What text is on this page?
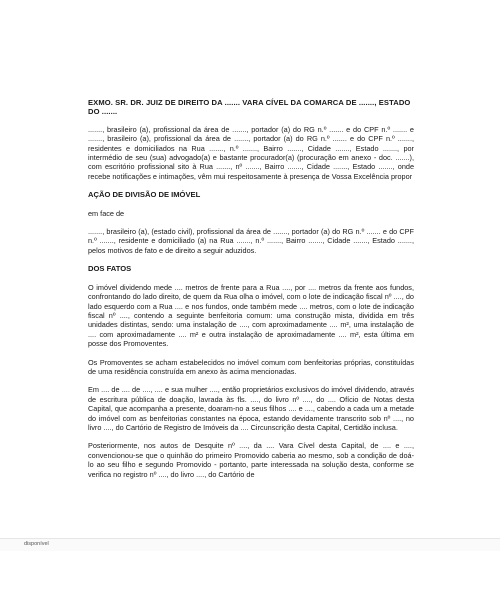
EXMO. SR. DR. JUIZ DE DIREITO DA ....... VARA CÍVEL DA COMARCA DE ......., ESTADO DO .......
......., brasileiro (a), profissional da área de ......., portador (a) do RG n.º ....... e do CPF n.º ....... e ......., brasileiro (a), profissional da área de ......., portador (a) do RG n.º ....... e do CPF n.º ......., residentes e domiciliados na Rua ......., n.º ......., Bairro ......., Cidade ......., Estado ......., por intermédio de seu (sua) advogado(a) e bastante procurador(a) (procuração em anexo - doc. .......), com escritório profissional sito à Rua ......., nº ......., Bairro ......., Cidade ......., Estado ......., onde recebe notificações e intimações, vêm mui respeitosamente à presença de Vossa Excelência propor
AÇÃO DE DIVISÃO DE IMÓVEL
em face de
......., brasileiro (a), (estado civil), profissional da área de ......., portador (a) do RG n.º ....... e do CPF n.º ......., residente e domiciliado (a) na Rua ......., n.º ......., Bairro ......., Cidade ......., Estado ......., pelos motivos de fato e de direito a seguir aduzidos.
DOS FATOS
O imóvel dividendo mede .... metros de frente para a Rua ...., por .... metros da frente aos fundos, confrontando do lado direito, de quem da Rua olha o imóvel, com o lote de indicação fiscal nº ...., do lado esquerdo com a Rua .... e nos fundos, onde também mede .... metros, com o lote de indicação fiscal nº ...., contendo a seguinte benfeitoria comum: uma construção mista, dividida em três unidades distintas, sendo: uma instalação de ...., com aproximadamente .... m², uma instalação de .... com aproximadamente .... m² e outra instalação de aproximadamente .... m², esta última em posse dos Promoventes.
Os Promoventes se acham estabelecidos no imóvel comum com benfeitorias próprias, constituídas de uma residência construída em anexo às acima mencionadas.
Em .... de .... de ...., .... e sua mulher ...., então proprietários exclusivos do imóvel dividendo, através de escritura pública de doação, lavrada às fls. ...., do livro nº ...., do .... Ofício de Notas desta Capital, que acompanha a presente, doaram-no a seus filhos .... e ...., cabendo a cada um a metade do imóvel com as benfeitorias constantes na época, estando devidamente transcrito sob nº ...., no livro ...., do Cartório de Registro de Imóveis da .... Circunscrição desta Capital, Certidão inclusa.
Posteriormente, nos autos de Desquite nº ...., da .... Vara Cível desta Capital, de .... e ...., convencionou-se que o quinhão do primeiro Promovido caberia ao mesmo, sob a condição de doá-lo ao seu filho e segundo Promovido - portanto, parte interessada na solução desta, conforme se verifica no registro nº ...., do livro ...., do Cartório de
disponível
